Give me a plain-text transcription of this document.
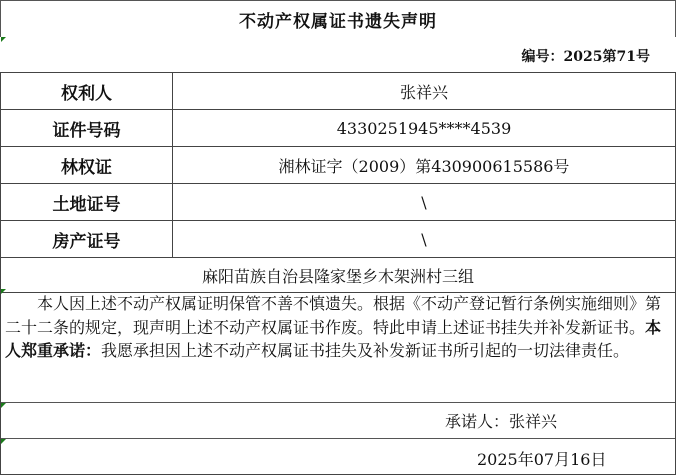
不动产权属证书遗失声明
编号：2025第71号
权利人	张祥兴
证件号码	4330251945****4539
林权证	湘林证字（2009）第430900615586号
土地证号	\
房产证号	\
麻阳苗族自治县隆家堡乡木架洲村三组
本人因上述不动产权属证明保管不善不慎遗失。根据《不动产登记暂行条例实施细则》第二十二条的规定，现声明上述不动产权属证书作废。特此申请上述证书挂失并补发新证书。本人郑重承诺：我愿承担因上述不动产权属证书挂失及补发新证书所引起的一切法律责任。
承诺人：张祥兴
2025年07月16日
